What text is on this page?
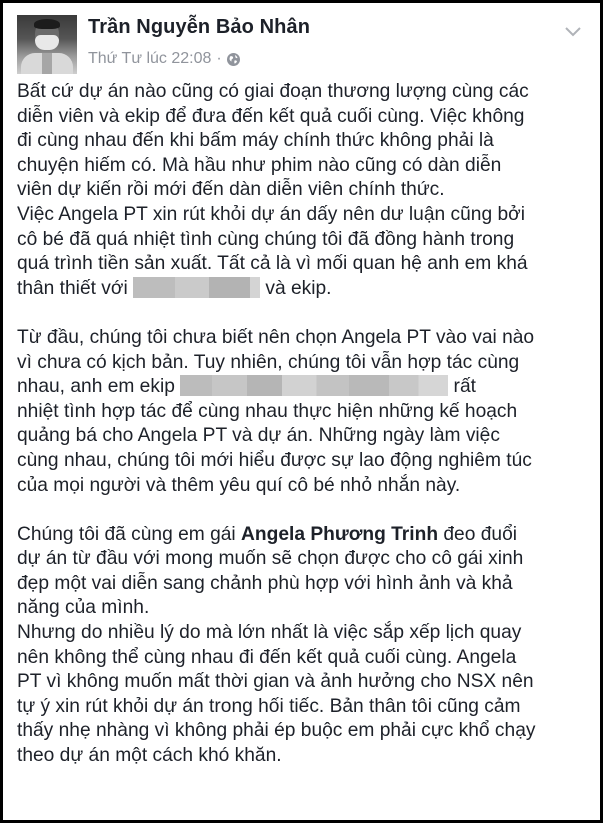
Trần Nguyễn Bảo Nhân
Thứ Tư lúc 22:08 ·

Bất cứ dự án nào cũng có giai đoạn thương lượng cùng các

diễn viên và ekip để đưa đến kết quả cuối cùng. Việc không

đi cùng nhau đến khi bấm máy chính thức không phải là

chuyện hiếm có. Mà hầu như phim nào cũng có dàn diễn

viên dự kiến rồi mới đến dàn diễn viên chính thức.

Việc Angela PT xin rút khỏi dự án dấy nên dư luận cũng bởi

cô bé đã quá nhiệt tình cùng chúng tôi đã đồng hành trong

quá trình tiền sản xuất. Tất cả là vì mối quan hệ anh em khá

thân thiết với	và ekip.

Từ đầu, chúng tôi chưa biết nên chọn Angela PT vào vai nào

vì chưa có kịch bản. Tuy nhiên, chúng tôi vẫn hợp tác cùng

nhau, anh em ekip	rất

nhiệt tình hợp tác để cùng nhau thực hiện những kế hoạch

quảng bá cho Angela PT và dự án. Những ngày làm việc

cùng nhau, chúng tôi mới hiểu được sự lao động nghiêm túc

của mọi người và thêm yêu quí cô bé nhỏ nhắn này.

Chúng tôi đã cùng em gái Angela Phương Trinh đeo đuổi

dự án từ đầu với mong muốn sẽ chọn được cho cô gái xinh

đẹp một vai diễn sang chảnh phù hợp với hình ảnh và khả

năng của mình.

Nhưng do nhiều lý do mà lớn nhất là việc sắp xếp lịch quay

nên không thể cùng nhau đi đến kết quả cuối cùng. Angela

PT vì không muốn mất thời gian và ảnh hưởng cho NSX nên

tự ý xin rút khỏi dự án trong hối tiếc. Bản thân tôi cũng cảm

thấy nhẹ nhàng vì không phải ép buộc em phải cực khổ chạy

theo dự án một cách khó khăn.
